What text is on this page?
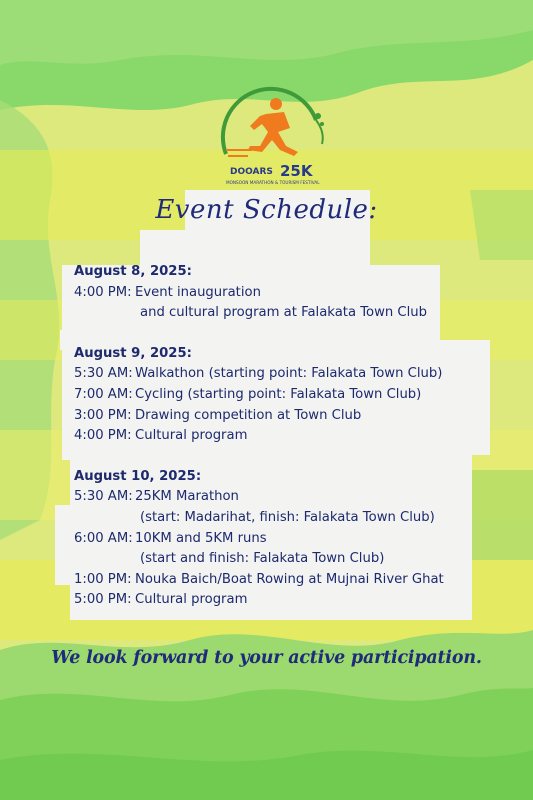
DOOARS 25K
MONSOON MARATHON & TOURISM FESTIVAL
Event Schedule:
August 8, 2025:
4:00 PM: Event inauguration
and cultural program at Falakata Town Club
August 9, 2025:
5:30 AM: Walkathon (starting point: Falakata Town Club)
7:00 AM: Cycling (starting point: Falakata Town Club)
3:00 PM: Drawing competition at Town Club
4:00 PM: Cultural program
August 10, 2025:
5:30 AM: 25KM Marathon
(start: Madarihat, finish: Falakata Town Club)
6:00 AM: 10KM and 5KM runs
(start and finish: Falakata Town Club)
1:00 PM: Nouka Baich/Boat Rowing at Mujnai River Ghat
5:00 PM: Cultural program
We look forward to your active participation.
